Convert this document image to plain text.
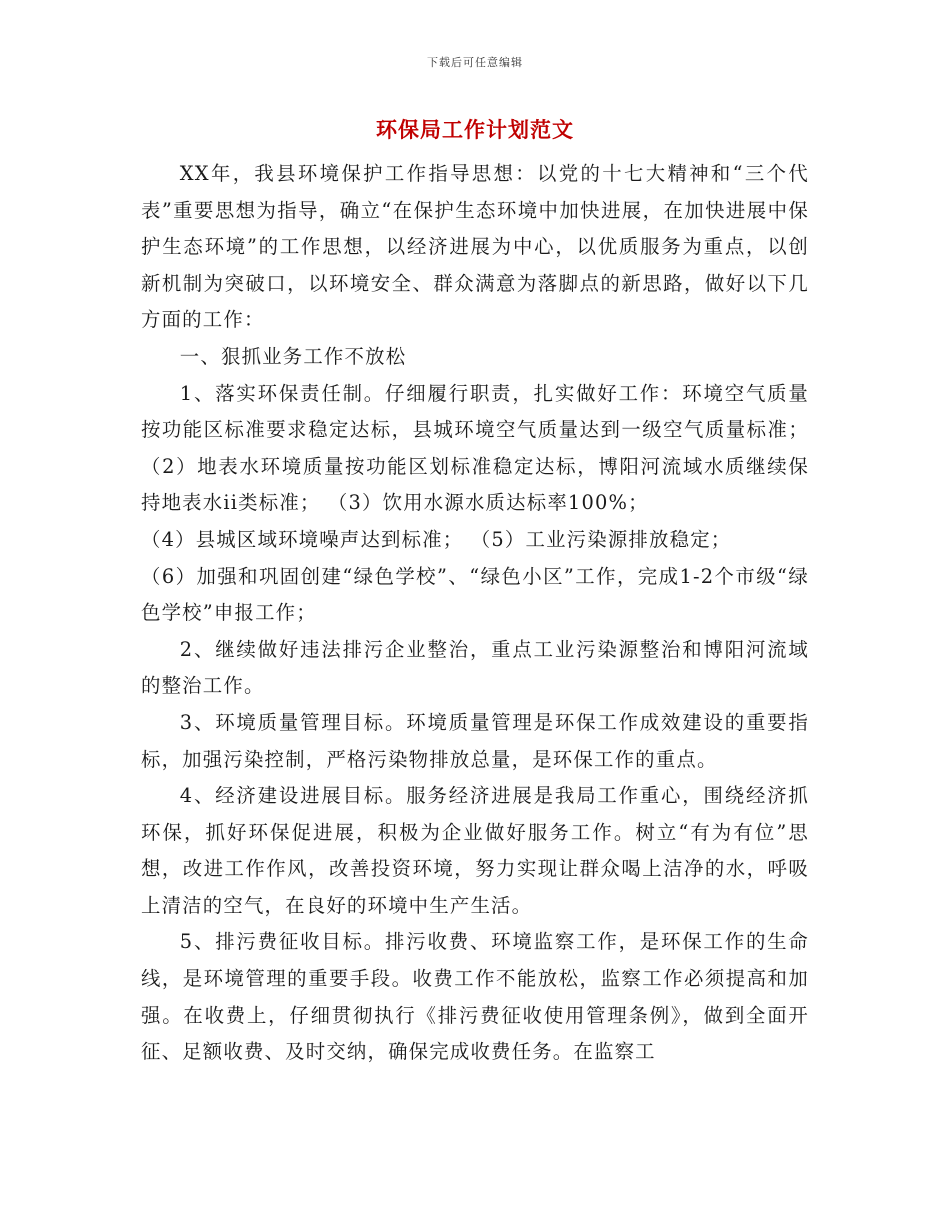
下载后可任意编辑
环保局工作计划范文

XX年，我县环境保护工作指导思想：以党的十七大精神和“三个代表”重要思想为指导，确立“在保护生态环境中加快进展，在加快进展中保护生态环境”的工作思想，以经济进展为中心，以优质服务为重点，以创新机制为突破口，以环境安全、群众满意为落脚点的新思路，做好以下几方面的工作：

一、狠抓业务工作不放松

1、落实环保责任制。仔细履行职责，扎实做好工作：环境空气质量按功能区标准要求稳定达标，县城环境空气质量达到一级空气质量标准； （2）地表水环境质量按功能区划标准稳定达标，博阳河流域水质继续保持地表水ii类标准； （3）饮用水源水质达标率100%；

（4）县城区域环境噪声达到标准； （5）工业污染源排放稳定；

（6）加强和巩固创建“绿色学校”、“绿色小区”工作，完成1-2个市级“绿色学校”申报工作；

2、继续做好违法排污企业整治，重点工业污染源整治和博阳河流域的整治工作。

3、环境质量管理目标。环境质量管理是环保工作成效建设的重要指标，加强污染控制，严格污染物排放总量，是环保工作的重点。

4、经济建设进展目标。服务经济进展是我局工作重心，围绕经济抓环保，抓好环保促进展，积极为企业做好服务工作。树立“有为有位”思想，改进工作作风，改善投资环境，努力实现让群众喝上洁净的水，呼吸上清洁的空气，在良好的环境中生产生活。

5、排污费征收目标。排污收费、环境监察工作，是环保工作的生命线，是环境管理的重要手段。收费工作不能放松，监察工作必须提高和加强。在收费上，仔细贯彻执行《排污费征收使用管理条例》，做到全面开征、足额收费、及时交纳，确保完成收费任务。在监察工
